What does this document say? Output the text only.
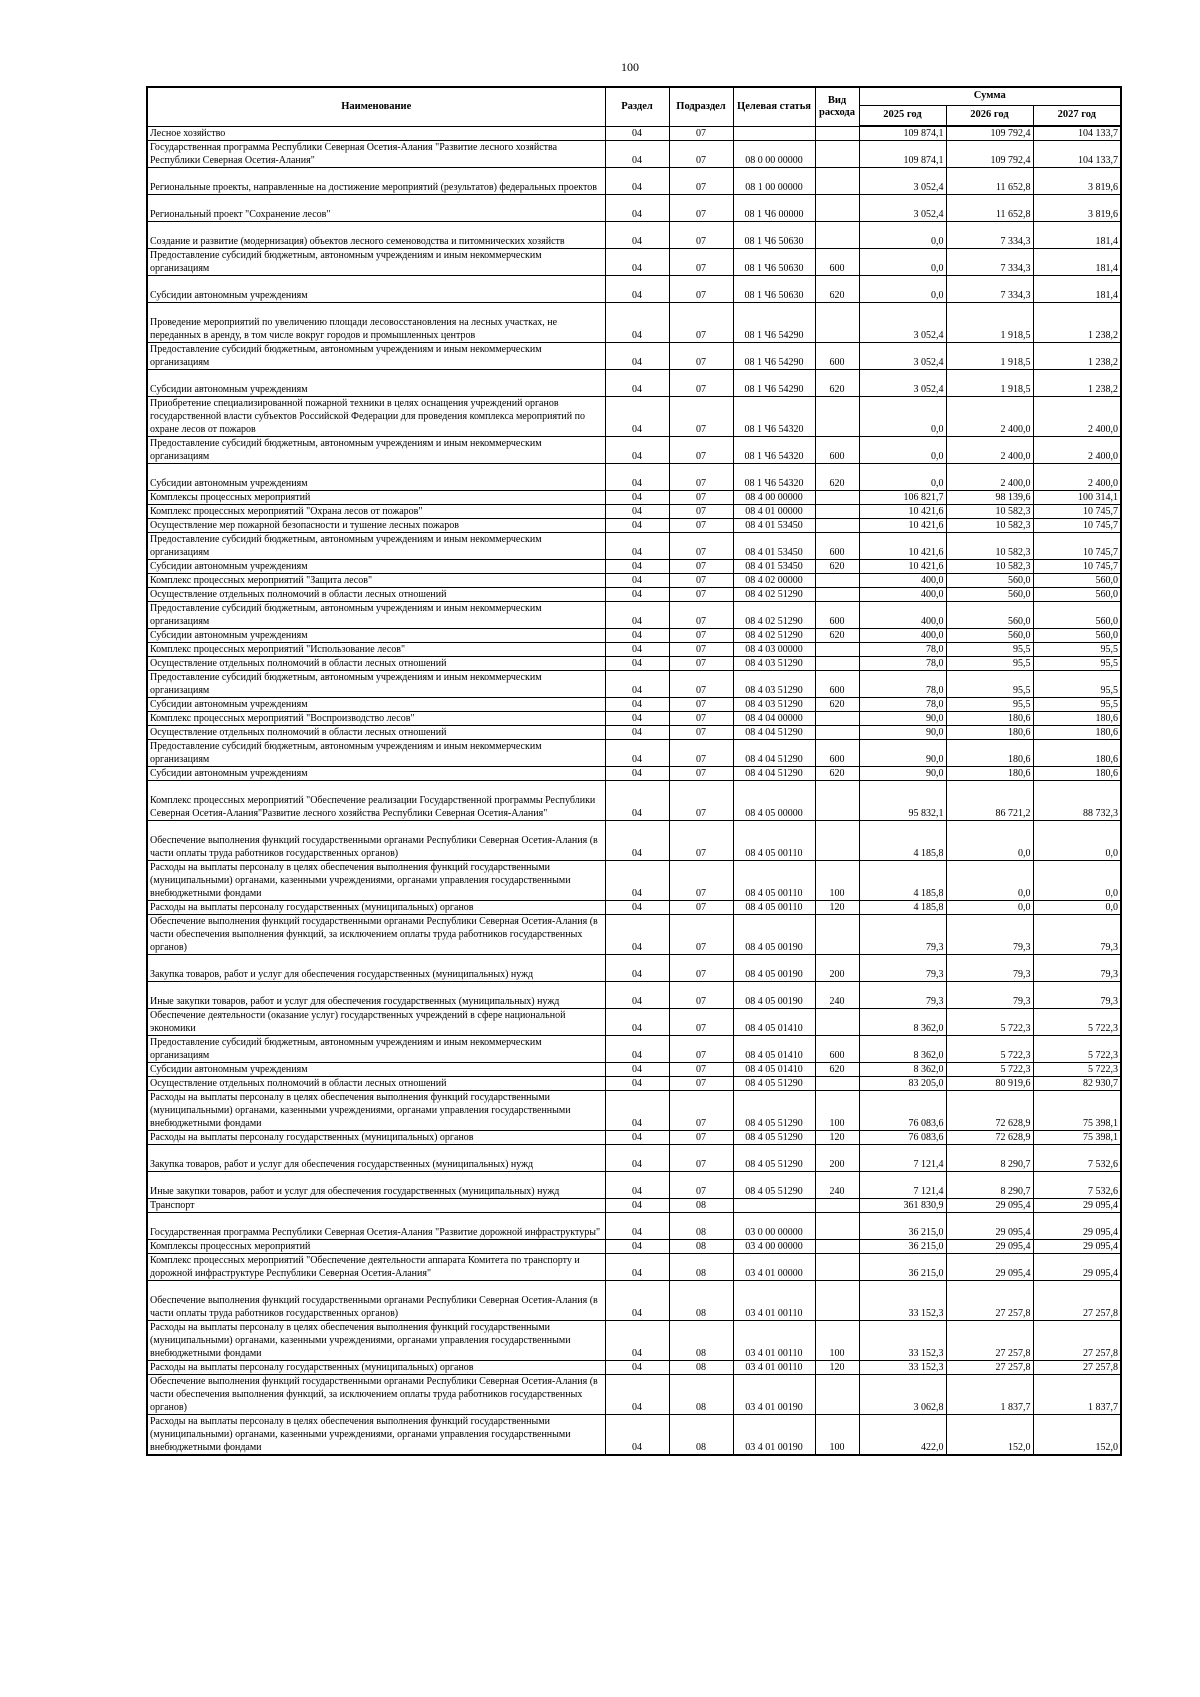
100
Наименование	Раздел	Подраздел	Целевая статья	Вид расхода	Сумма		
					2025 год	2026 год	2027 год
Лесное хозяйство	04	07			109 874,1	109 792,4	104 133,7
Государственная программа Республики Северная Осетия-Алания "Развитие лесного хозяйства Республики Северная Осетия-Алания"	04	07	08 0 00 00000		109 874,1	109 792,4	104 133,7
Региональные проекты, направленные на достижение мероприятий (результатов) федеральных проектов	04	07	08 1 00 00000		3 052,4	11 652,8	3 819,6
Региональный проект "Сохранение лесов"	04	07	08 1 Ч6 00000		3 052,4	11 652,8	3 819,6
Создание и развитие (модернизация) объектов лесного семеноводства и питомнических хозяйств	04	07	08 1 Ч6 50630		0,0	7 334,3	181,4
Предоставление субсидий бюджетным, автономным учреждениям и иным некоммерческим организациям	04	07	08 1 Ч6 50630	600	0,0	7 334,3	181,4
Субсидии автономным учреждениям	04	07	08 1 Ч6 50630	620	0,0	7 334,3	181,4
Проведение мероприятий по увеличению площади лесовосстановления на лесных участках, не переданных в аренду, в том числе вокруг городов и промышленных центров	04	07	08 1 Ч6 54290		3 052,4	1 918,5	1 238,2
Предоставление субсидий бюджетным, автономным учреждениям и иным некоммерческим организациям	04	07	08 1 Ч6 54290	600	3 052,4	1 918,5	1 238,2
Субсидии автономным учреждениям	04	07	08 1 Ч6 54290	620	3 052,4	1 918,5	1 238,2
Приобретение специализированной пожарной техники в целях оснащения учреждений органов государственной власти субъектов Российской Федерации для проведения комплекса мероприятий по охране лесов от пожаров	04	07	08 1 Ч6 54320		0,0	2 400,0	2 400,0
Предоставление субсидий бюджетным, автономным учреждениям и иным некоммерческим организациям	04	07	08 1 Ч6 54320	600	0,0	2 400,0	2 400,0
Субсидии автономным учреждениям	04	07	08 1 Ч6 54320	620	0,0	2 400,0	2 400,0
Комплексы процессных мероприятий	04	07	08 4 00 00000		106 821,7	98 139,6	100 314,1
Комплекс процессных мероприятий "Охрана лесов от пожаров"	04	07	08 4 01 00000		10 421,6	10 582,3	10 745,7
Осуществление мер пожарной безопасности и тушение лесных пожаров	04	07	08 4 01 53450		10 421,6	10 582,3	10 745,7
Предоставление субсидий бюджетным, автономным учреждениям и иным некоммерческим организациям	04	07	08 4 01 53450	600	10 421,6	10 582,3	10 745,7
Субсидии автономным учреждениям	04	07	08 4 01 53450	620	10 421,6	10 582,3	10 745,7
Комплекс процессных мероприятий "Защита лесов"	04	07	08 4 02 00000		400,0	560,0	560,0
Осуществление отдельных полномочий в области лесных отношений	04	07	08 4 02 51290		400,0	560,0	560,0
Предоставление субсидий бюджетным, автономным учреждениям и иным некоммерческим организациям	04	07	08 4 02 51290	600	400,0	560,0	560,0
Субсидии автономным учреждениям	04	07	08 4 02 51290	620	400,0	560,0	560,0
Комплекс процессных мероприятий "Использование лесов"	04	07	08 4 03 00000		78,0	95,5	95,5
Осуществление отдельных полномочий в области лесных отношений	04	07	08 4 03 51290		78,0	95,5	95,5
Предоставление субсидий бюджетным, автономным учреждениям и иным некоммерческим организациям	04	07	08 4 03 51290	600	78,0	95,5	95,5
Субсидии автономным учреждениям	04	07	08 4 03 51290	620	78,0	95,5	95,5
Комплекс процессных мероприятий "Воспроизводство лесов"	04	07	08 4 04 00000		90,0	180,6	180,6
Осуществление отдельных полномочий в области лесных отношений	04	07	08 4 04 51290		90,0	180,6	180,6
Предоставление субсидий бюджетным, автономным учреждениям и иным некоммерческим организациям	04	07	08 4 04 51290	600	90,0	180,6	180,6
Субсидии автономным учреждениям	04	07	08 4 04 51290	620	90,0	180,6	180,6
Комплекс процессных мероприятий "Обеспечение реализации Государственной программы Республики Северная Осетия-Алания"Развитие лесного хозяйства Республики Северная Осетия-Алания"	04	07	08 4 05 00000		95 832,1	86 721,2	88 732,3
Обеспечение выполнения функций государственными органами Республики Северная Осетия-Алания (в части оплаты труда работников государственных органов)	04	07	08 4 05 00110		4 185,8	0,0	0,0
Расходы на выплаты персоналу в целях обеспечения выполнения функций государственными (муниципальными) органами, казенными учреждениями, органами управления государственными внебюджетными фондами	04	07	08 4 05 00110	100	4 185,8	0,0	0,0
Расходы на выплаты персоналу государственных (муниципальных) органов	04	07	08 4 05 00110	120	4 185,8	0,0	0,0
Обеспечение выполнения функций государственными органами Республики Северная Осетия-Алания (в части обеспечения выполнения функций, за исключением оплаты труда работников государственных органов)	04	07	08 4 05 00190		79,3	79,3	79,3
Закупка товаров, работ и услуг для обеспечения государственных (муниципальных) нужд	04	07	08 4 05 00190	200	79,3	79,3	79,3
Иные закупки товаров, работ и услуг для обеспечения государственных (муниципальных) нужд	04	07	08 4 05 00190	240	79,3	79,3	79,3
Обеспечение деятельности (оказание услуг) государственных учреждений в сфере национальной экономики	04	07	08 4 05 01410		8 362,0	5 722,3	5 722,3
Предоставление субсидий бюджетным, автономным учреждениям и иным некоммерческим организациям	04	07	08 4 05 01410	600	8 362,0	5 722,3	5 722,3
Субсидии автономным учреждениям	04	07	08 4 05 01410	620	8 362,0	5 722,3	5 722,3
Осуществление отдельных полномочий в области лесных отношений	04	07	08 4 05 51290		83 205,0	80 919,6	82 930,7
Расходы на выплаты персоналу в целях обеспечения выполнения функций государственными (муниципальными) органами, казенными учреждениями, органами управления государственными внебюджетными фондами	04	07	08 4 05 51290	100	76 083,6	72 628,9	75 398,1
Расходы на выплаты персоналу государственных (муниципальных) органов	04	07	08 4 05 51290	120	76 083,6	72 628,9	75 398,1
Закупка товаров, работ и услуг для обеспечения государственных (муниципальных) нужд	04	07	08 4 05 51290	200	7 121,4	8 290,7	7 532,6
Иные закупки товаров, работ и услуг для обеспечения государственных (муниципальных) нужд	04	07	08 4 05 51290	240	7 121,4	8 290,7	7 532,6
Транспорт	04	08			361 830,9	29 095,4	29 095,4
Государственная программа Республики Северная Осетия-Алания "Развитие дорожной инфраструктуры"	04	08	03 0 00 00000		36 215,0	29 095,4	29 095,4
Комплексы процессных мероприятий	04	08	03 4 00 00000		36 215,0	29 095,4	29 095,4
Комплекс процессных мероприятий "Обеспечение деятельности аппарата Комитета по транспорту и дорожной инфраструктуре Республики Северная Осетия-Алания"	04	08	03 4 01 00000		36 215,0	29 095,4	29 095,4
Обеспечение выполнения функций государственными органами Республики Северная Осетия-Алания (в части оплаты труда работников государственных органов)	04	08	03 4 01 00110		33 152,3	27 257,8	27 257,8
Расходы на выплаты персоналу в целях обеспечения выполнения функций государственными (муниципальными) органами, казенными учреждениями, органами управления государственными внебюджетными фондами	04	08	03 4 01 00110	100	33 152,3	27 257,8	27 257,8
Расходы на выплаты персоналу государственных (муниципальных) органов	04	08	03 4 01 00110	120	33 152,3	27 257,8	27 257,8
Обеспечение выполнения функций государственными органами Республики Северная Осетия-Алания (в части обеспечения выполнения функций, за исключением оплаты труда работников государственных органов)	04	08	03 4 01 00190		3 062,8	1 837,7	1 837,7
Расходы на выплаты персоналу в целях обеспечения выполнения функций государственными (муниципальными) органами, казенными учреждениями, органами управления государственными внебюджетными фондами	04	08	03 4 01 00190	100	422,0	152,0	152,0
